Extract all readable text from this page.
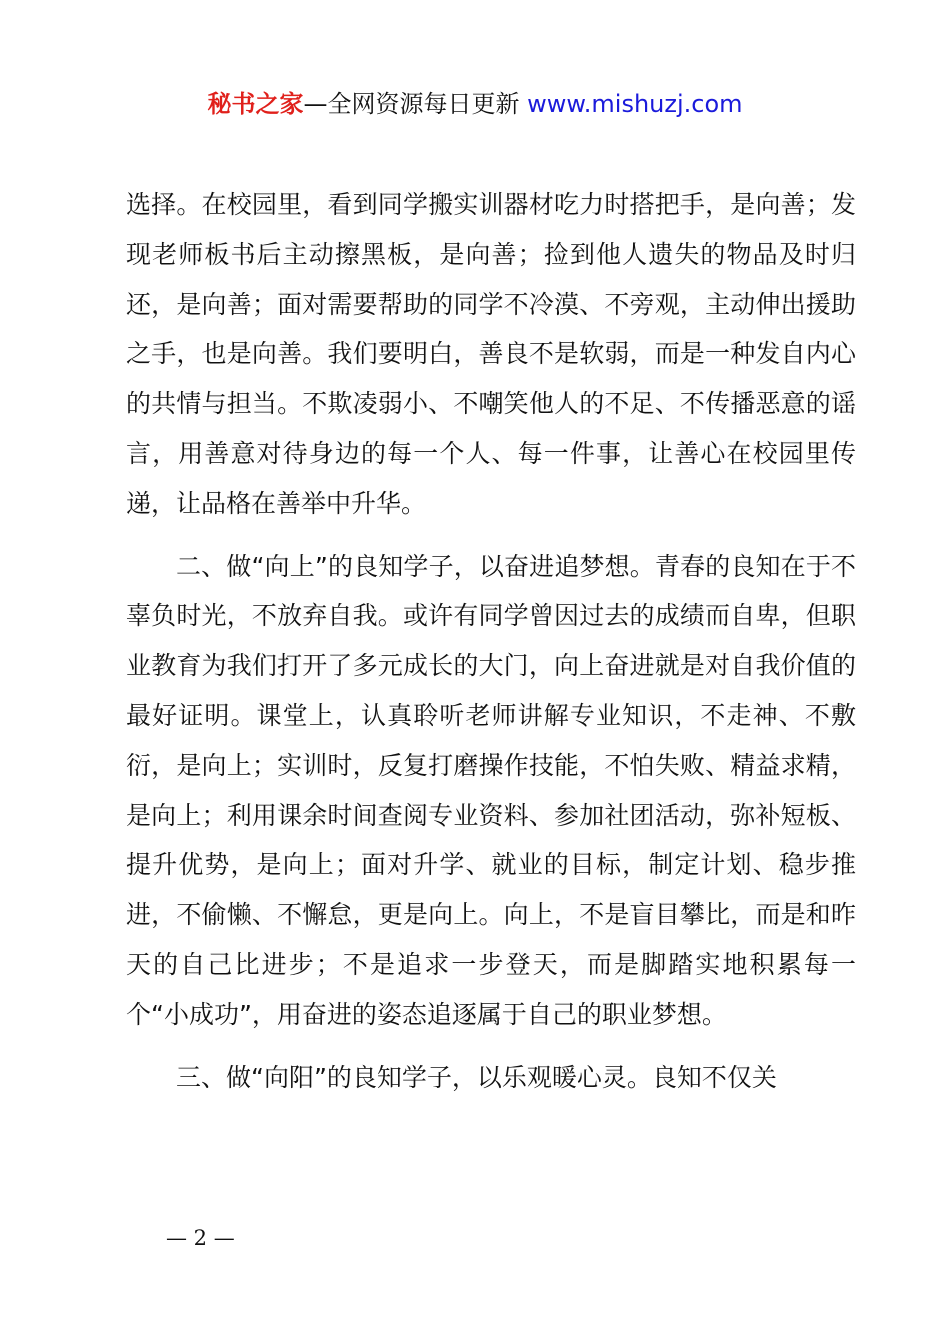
秘书之家—全网资源每日更新 www.mishuzj.com

选择。在校园里，看到同学搬实训器材吃力时搭把手，是向善；发现老师板书后主动擦黑板，是向善；捡到他人遗失的物品及时归还，是向善；面对需要帮助的同学不冷漠、不旁观，主动伸出援助之手，也是向善。我们要明白，善良不是软弱，而是一种发自内心的共情与担当。不欺凌弱小、不嘲笑他人的不足、不传播恶意的谣言，用善意对待身边的每一个人、每一件事，让善心在校园里传递，让品格在善举中升华。

二、做“向上”的良知学子，以奋进追梦想。青春的良知在于不辜负时光，不放弃自我。或许有同学曾因过去的成绩而自卑，但职业教育为我们打开了多元成长的大门，向上奋进就是对自我价值的最好证明。课堂上，认真聆听老师讲解专业知识，不走神、不敷衍，是向上；实训时，反复打磨操作技能，不怕失败、精益求精，是向上；利用课余时间查阅专业资料、参加社团活动，弥补短板、提升优势，是向上；面对升学、就业的目标，制定计划、稳步推进，不偷懒、不懈怠，更是向上。向上，不是盲目攀比，而是和昨天的自己比进步；不是追求一步登天，而是脚踏实地积累每一个“小成功”，用奋进的姿态追逐属于自己的职业梦想。

三、做“向阳”的良知学子，以乐观暖心灵。良知不仅关

— 2 —
